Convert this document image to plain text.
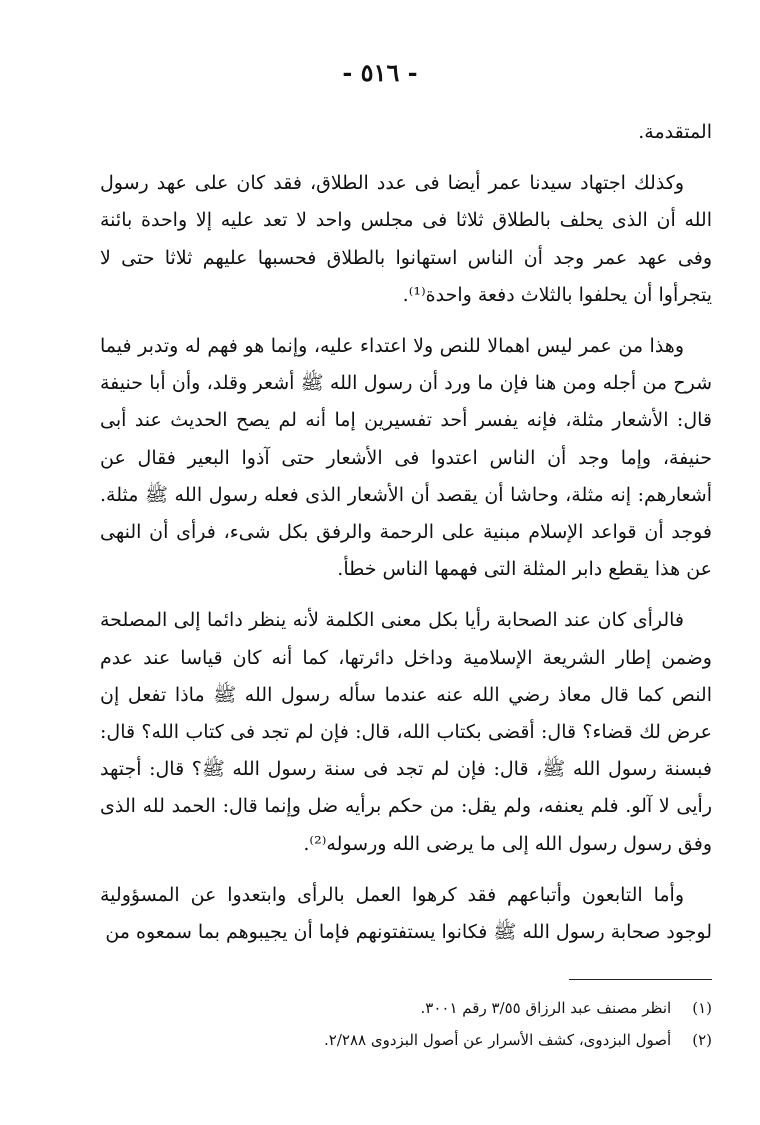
- ٥١٦ -

المتقدمة.

وكذلك اجتهاد سيدنا عمر أيضا فى عدد الطلاق، فقد كان على عهد رسول الله أن الذى يحلف بالطلاق ثلاثا فى مجلس واحد لا تعد عليه إلا واحدة بائنة وفى عهد عمر وجد أن الناس استهانوا بالطلاق فحسبها عليهم ثلاثا حتى لا يتجرأوا أن يحلفوا بالثلاث دفعة واحدة⁽¹⁾.

وهذا من عمر ليس اهمالا للنص ولا اعتداء عليه، وإنما هو فهم له وتدبر فيما شرح من أجله ومن هنا فإن ما ورد أن رسول الله ﷺ أشعر وقلد، وأن أبا حنيفة قال: الأشعار مثلة، فإنه يفسر أحد تفسيرين إما أنه لم يصح الحديث عند أبى حنيفة، وإما وجد أن الناس اعتدوا فى الأشعار حتى آذوا البعير فقال عن أشعارهم: إنه مثلة، وحاشا أن يقصد أن الأشعار الذى فعله رسول الله ﷺ مثلة. فوجد أن قواعد الإسلام مبنية على الرحمة والرفق بكل شىء، فرأى أن النهى عن هذا يقطع دابر المثلة التى فهمها الناس خطأ.

فالرأى كان عند الصحابة رأيا بكل معنى الكلمة لأنه ينظر دائما إلى المصلحة وضمن إطار الشريعة الإسلامية وداخل دائرتها، كما أنه كان قياسا عند عدم النص كما قال معاذ رضي الله عنه عندما سأله رسول الله ﷺ ماذا تفعل إن عرض لك قضاء؟ قال: أقضى بكتاب الله، قال: فإن لم تجد فى كتاب الله؟ قال: فبسنة رسول الله ﷺ، قال: فإن لم تجد فى سنة رسول الله ﷺ؟ قال: أجتهد رأيى لا آلو. فلم يعنفه، ولم يقل: من حكم برأيه ضل وإنما قال: الحمد لله الذى وفق رسول رسول الله إلى ما يرضى الله ورسوله⁽²⁾.

وأما التابعون وأتباعهم فقد كرهوا العمل بالرأى وابتعدوا عن المسؤولية لوجود صحابة رسول الله ﷺ فكانوا يستفتونهم فإما أن يجيبوهم بما سمعوه من

(١) انظر مصنف عبد الرزاق ٣/٥٥ رقم ٣٠٠١.

(٢) أصول البزدوى، كشف الأسرار عن أصول البزدوى ٢/٢٨٨.
